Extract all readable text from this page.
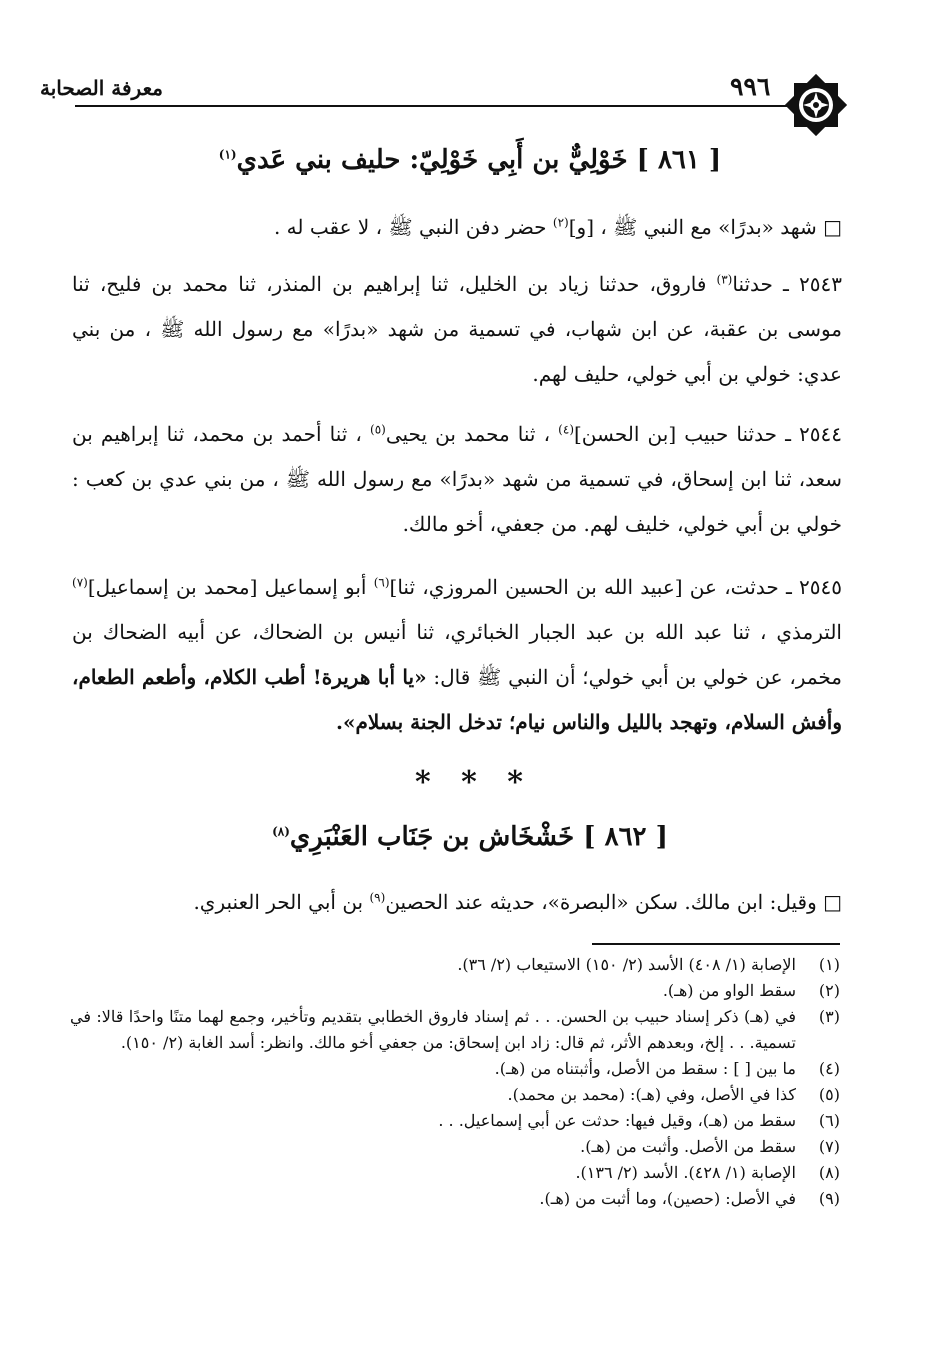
٩٩٦
معرفة الصحابة
[ ٨٦١ ] خَوْلِيٌّ بن أَبِي خَوْلِيّ: حليف بني عَدي$^{(١)}$
□ شهد «بدرًا» مع النبي ﷺ ، [و]$^{(٢)}$ حضر دفن النبي ﷺ ، لا عقب له .
٢٥٤٣ ـ حدثنا$^{(٣)}$ فاروق، حدثنا زياد بن الخليل، ثنا إبراهيم بن المنذر، ثنا محمد بن فليح، ثنا موسى بن عقبة، عن ابن شهاب، في تسمية من شهد «بدرًا» مع رسول الله ﷺ ، من بني عدي: خولي بن أبي خولي، حليف لهم.
٢٥٤٤ ـ حدثنا حبيب [بن الحسن]$^{(٤)}$ ، ثنا محمد بن يحيى$^{(٥)}$ ، ثنا أحمد بن محمد، ثنا إبراهيم بن سعد، ثنا ابن إسحاق، في تسمية من شهد «بدرًا» مع رسول الله ﷺ ، من بني عدي بن كعب : خولي بن أبي خولي، خليف لهم. من جعفي، أخو مالك.
٢٥٤٥ ـ حدثت، عن [عبيد الله بن الحسين المروزي، ثنا]$^{(٦)}$ أبو إسماعيل [محمد بن إسماعيل]$^{(٧)}$ الترمذي ، ثنا عبد الله بن عبد الجبار الخبائري، ثنا أنيس بن الضحاك، عن أبيه الضحاك بن مخمر، عن خولي بن أبي خولي؛ أن النبي ﷺ قال: «يا أبا هريرة! أطب الكلام، وأطعم الطعام، وأفش السلام، وتهجد بالليل والناس نيام؛ تدخل الجنة بسلام».
* * *
[ ٨٦٢ ] خَشْخَاش بن جَنَاب العَنْبَرِي$^{(٨)}$
□ وقيل: ابن مالك. سكن «البصرة»، حديثه عند الحصين$^{(٩)}$ بن أبي الحر العنبري.
(١)
الإصابة (١/ ٤٠٨) الأسد (٢/ ١٥٠) الاستيعاب (٢/ ٣٦).
(٢)
سقط الواو من (هـ).
(٣)
في (هـ) ذكر إسناد حبيب بن الحسن. . . ثم إسناد فاروق الخطابي بتقديم وتأخير، وجمع لهما متنًا واحدًا قالا: في تسمية. . . إلخ، وبعدهم الأثر، ثم قال: زاد ابن إسحاق: من جعفي أخو مالك. وانظر: أسد الغابة (٢/ ١٥٠).
(٤)
ما بين [ ] : سقط من الأصل، وأثبتناه من (هـ).
(٥)
كذا في الأصل، وفي (هـ): (محمد بن محمد).
(٦)
سقط من (هـ)، وقيل فيها: حدثت عن أبي إسماعيل. . .
(٧)
سقط من الأصل. وأثبت من (هـ).
(٨)
الإصابة (١/ ٤٢٨). الأسد (٢/ ١٣٦).
(٩)
في الأصل: (حصين)، وما أثبت من (هـ).
